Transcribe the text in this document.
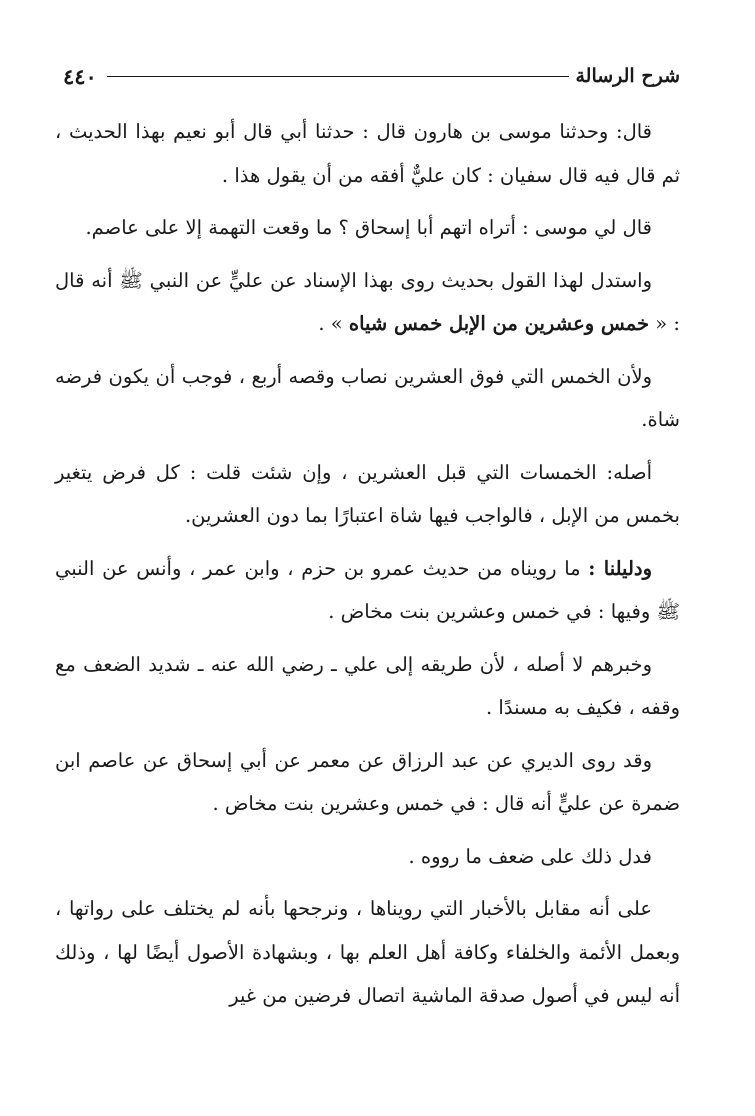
شرح الرسالة
٤٤٠

قال: وحدثنا موسى بن هارون قال : حدثنا أبي قال أبو نعيم بهذا الحديث ، ثم قال فيه قال سفيان : كان عليٌّ أفقه من أن يقول هذا .

قال لي موسى : أتراه اتهم أبا إسحاق ؟ ما وقعت التهمة إلا على عاصم.

واستدل لهذا القول بحديث روى بهذا الإسناد عن عليٍّ عن النبي ﷺ أنه قال : « خمس وعشرين من الإبل خمس شياه » .

ولأن الخمس التي فوق العشرين نصاب وقصه أربع ، فوجب أن يكون فرضه شاة.

أصله: الخمسات التي قبل العشرين ، وإن شئت قلت : كل فرض يتغير بخمس من الإبل ، فالواجب فيها شاة اعتبارًا بما دون العشرين.

ودليلنا : ما رويناه من حديث عمرو بن حزم ، وابن عمر ، وأنس عن النبي ﷺ وفيها : في خمس وعشرين بنت مخاض .

وخبرهم لا أصله ، لأن طريقه إلى علي ـ رضي الله عنه ـ شديد الضعف مع وقفه ، فكيف به مسندًا .

وقد روى الديري عن عبد الرزاق عن معمر عن أبي إسحاق عن عاصم ابن ضمرة عن عليٍّ أنه قال : في خمس وعشرين بنت مخاض .

فدل ذلك على ضعف ما رووه .

على أنه مقابل بالأخبار التي رويناها ، ونرجحها بأنه لم يختلف على رواتها ، وبعمل الأئمة والخلفاء وكافة أهل العلم بها ، وبشهادة الأصول أيضًا لها ، وذلك أنه ليس في أصول صدقة الماشية اتصال فرضين من غير
